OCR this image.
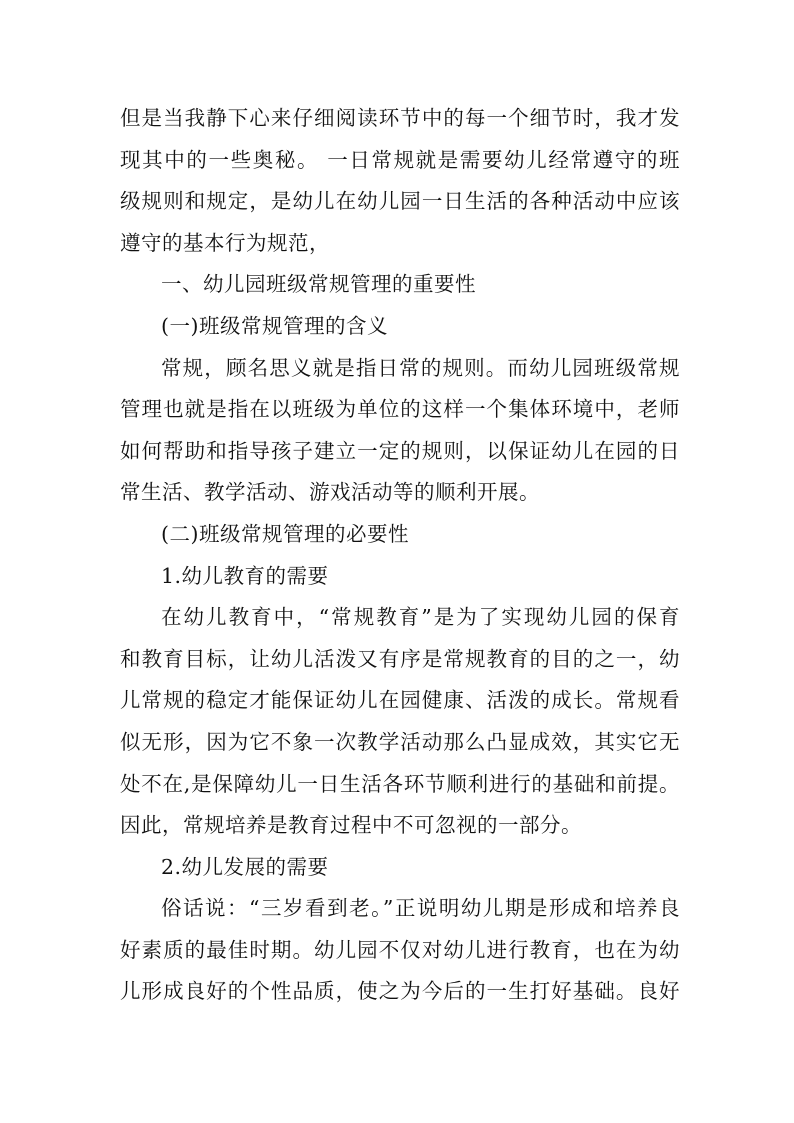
但是当我静下心来仔细阅读环节中的每一个细节时，我才发
现其中的一些奥秘。 一日常规就是需要幼儿经常遵守的班
级规则和规定，是幼儿在幼儿园一日生活的各种活动中应该
遵守的基本行为规范，
一、幼儿园班级常规管理的重要性
(一)班级常规管理的含义
常规，顾名思义就是指日常的规则。而幼儿园班级常规
管理也就是指在以班级为单位的这样一个集体环境中，老师
如何帮助和指导孩子建立一定的规则，以保证幼儿在园的日
常生活、教学活动、游戏活动等的顺利开展。
(二)班级常规管理的必要性
1.幼儿教育的需要
在幼儿教育中，“常规教育”是为了实现幼儿园的保育
和教育目标，让幼儿活泼又有序是常规教育的目的之一，幼
儿常规的稳定才能保证幼儿在园健康、活泼的成长。常规看
似无形，因为它不象一次教学活动那么凸显成效，其实它无
处不在,是保障幼儿一日生活各环节顺利进行的基础和前提。
因此，常规培养是教育过程中不可忽视的一部分。
2.幼儿发展的需要
俗话说：“三岁看到老。”正说明幼儿期是形成和培养良
好素质的最佳时期。幼儿园不仅对幼儿进行教育，也在为幼
儿形成良好的个性品质，使之为今后的一生打好基础。良好
